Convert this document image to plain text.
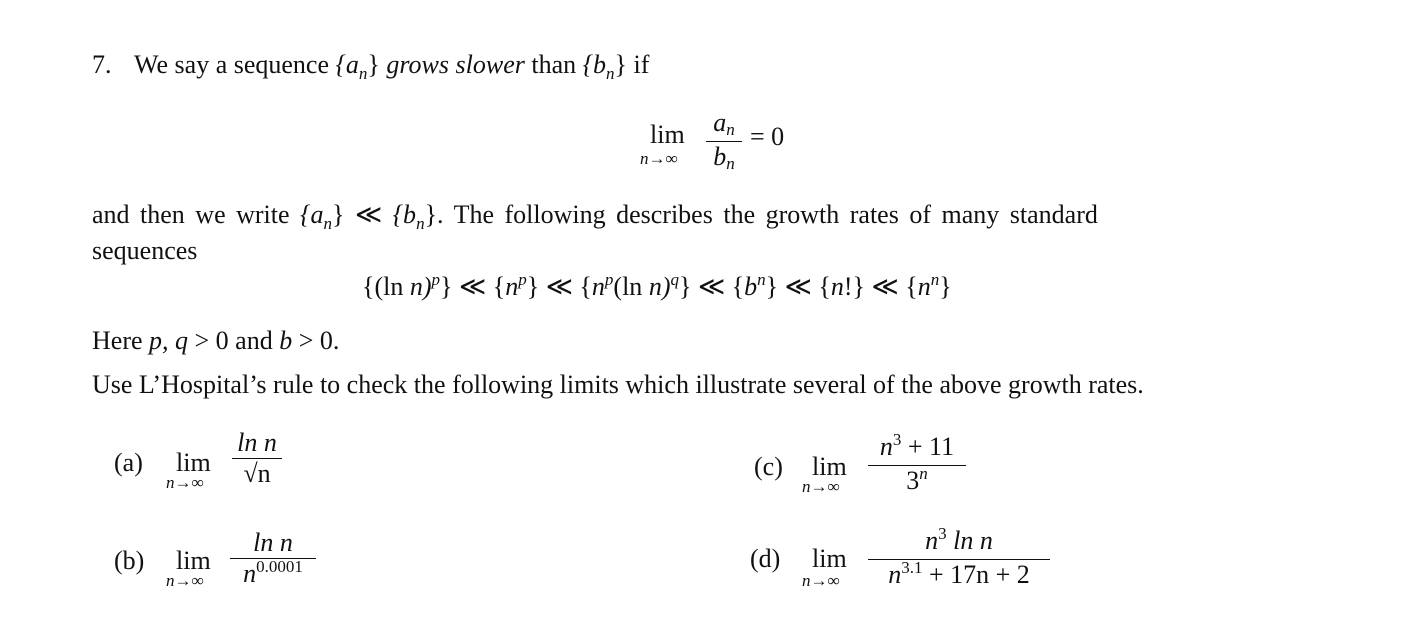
7. We say a sequence $\{a_n\}$ grows slower than $\{b_n\}$ if
lim
n→∞
an
bn
= 0
and then we write $\{a_n\}$ ≪ $\{b_n\}$. The following describes the growth rates of many standard
sequences
{(ln n)$^p$} ≪ $\{n^p\}$ ≪ {$n^p(\ln$ n)$^q$} ≪ $\{b^n\}$ ≪ {n!} ≪ $\{n^n\}$
Here p, q > 0 and b > 0.
Use L’Hospital’s rule to check the following limits which illustrate several of the above growth rates.
(a) lim
n→∞
ln n
√n
(b) lim
n→∞
ln n
$n^{0.0001}$
(c) lim
n→∞
$n^3 + 11$
3$^n$
(d) lim
n→∞
$n^3$ ln n
$n^{3.1} + 17n + 2$
